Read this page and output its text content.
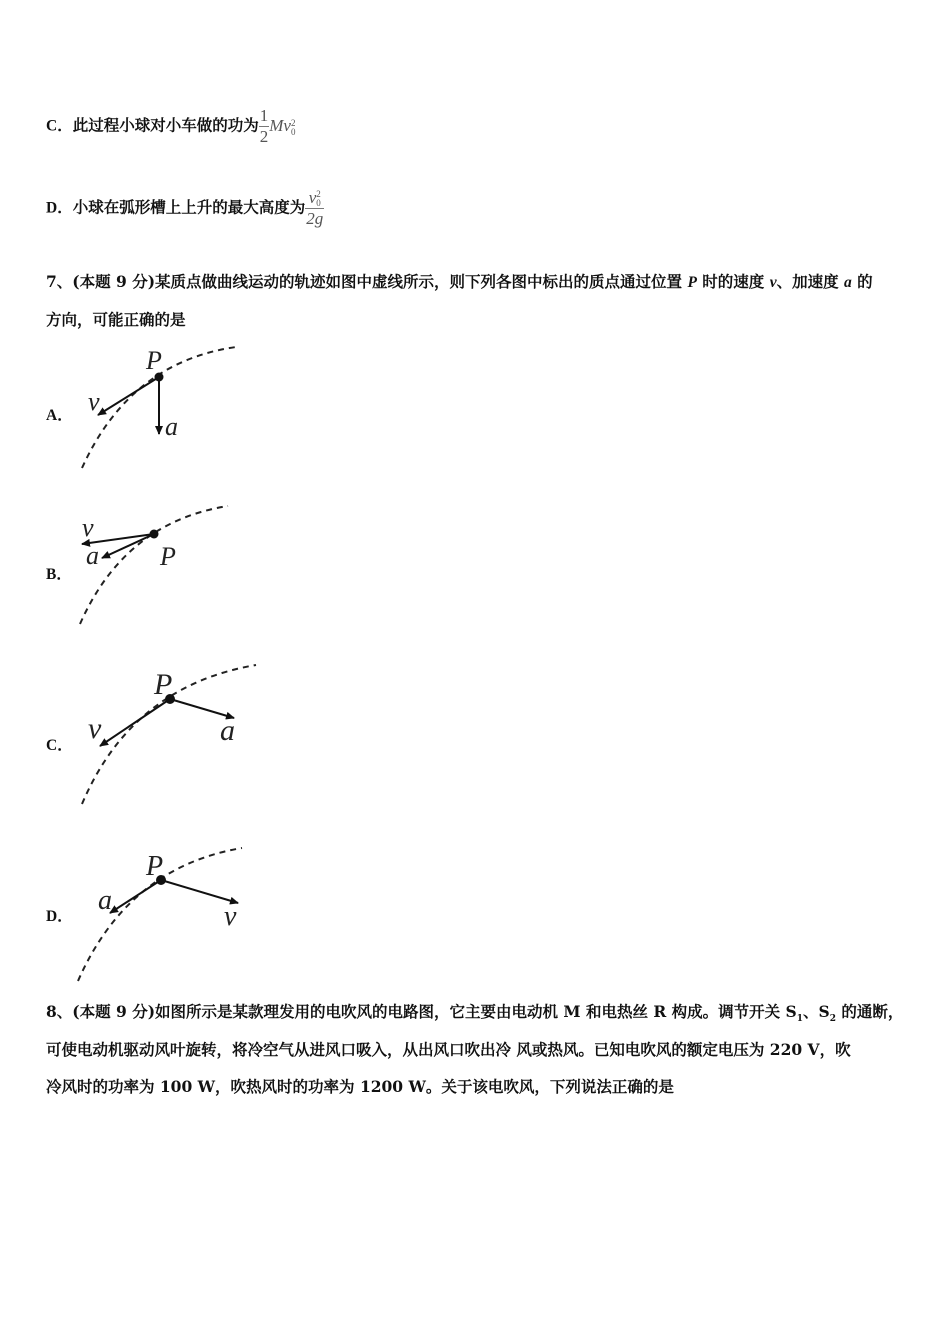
C．此过程小球对小车做的功为 $\frac{1}{2}$ Mv 2
0
D．小球在弧形槽上上升的最大高度为 v 2
0
2g
7、(本题 9 分)某质点做曲线运动的轨迹如图中虚线所示，则下列各图中标出的质点通过位置 P 时的速度 v、加速度 a 的
方向，可能正确的是
A．
P
v
a
B．
v
a P
C．
P
v	a
D．
P
a
v
8、(本题 9 分)如图所示是某款理发用的电吹风的电路图，它主要由电动机 M 和电热丝 R 构成。调节开关 $S_1$、$S_2$ 的通断，
可使电动机驱动风叶旋转，将冷空气从进风口吸入，从出风口吹出冷 风或热风。已知电吹风的额定电压为 220 V，吹
冷风时的功率为 100 W，吹热风时的功率为 1200 W。关于该电吹风，下列说法正确的是
